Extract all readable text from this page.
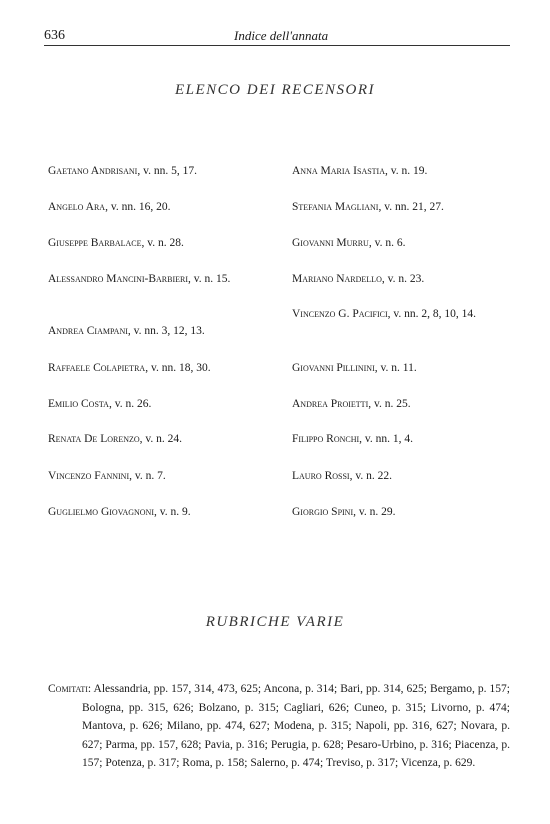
636	Indice dell'annata
ELENCO DEI RECENSORI
Gaetano Andrisani, v. nn. 5, 17.
Angelo Ara, v. nn. 16, 20.
Giuseppe Barbalace, v. n. 28.
Alessandro Mancini-Barbieri, v. n. 15.
Andrea Ciampani, v. nn. 3, 12, 13.
Raffaele Colapietra, v. nn. 18, 30.
Emilio Costa, v. n. 26.
Renata De Lorenzo, v. n. 24.
Vincenzo Fannini, v. n. 7.
Guglielmo Giovagnoni, v. n. 9.
Anna Maria Isastia, v. n. 19.
Stefania Magliani, v. nn. 21, 27.
Giovanni Murru, v. n. 6.
Mariano Nardello, v. n. 23.
Vincenzo G. Pacifici, v. nn. 2, 8, 10, 14.
Giovanni Pillinini, v. n. 11.
Andrea Proietti, v. n. 25.
Filippo Ronchi, v. nn. 1, 4.
Lauro Rossi, v. n. 22.
Giorgio Spini, v. n. 29.
RUBRICHE VARIE

Comitati: Alessandria, pp. 157, 314, 473, 625; Ancona, p. 314; Bari, pp. 314, 625; Bergamo, p. 157; Bologna, pp. 315, 626; Bolzano, p. 315; Cagliari, 626; Cuneo, p. 315; Livorno, p. 474; Mantova, p. 626; Milano, pp. 474, 627; Modena, p. 315; Napoli, pp. 316, 627; Novara, p. 627; Parma, pp. 157, 628; Pavia, p. 316; Perugia, p. 628; Pesaro-Urbino, p. 316; Piacenza, p. 157; Potenza, p. 317; Roma, p. 158; Salerno, p. 474; Treviso, p. 317; Vicenza, p. 629.
